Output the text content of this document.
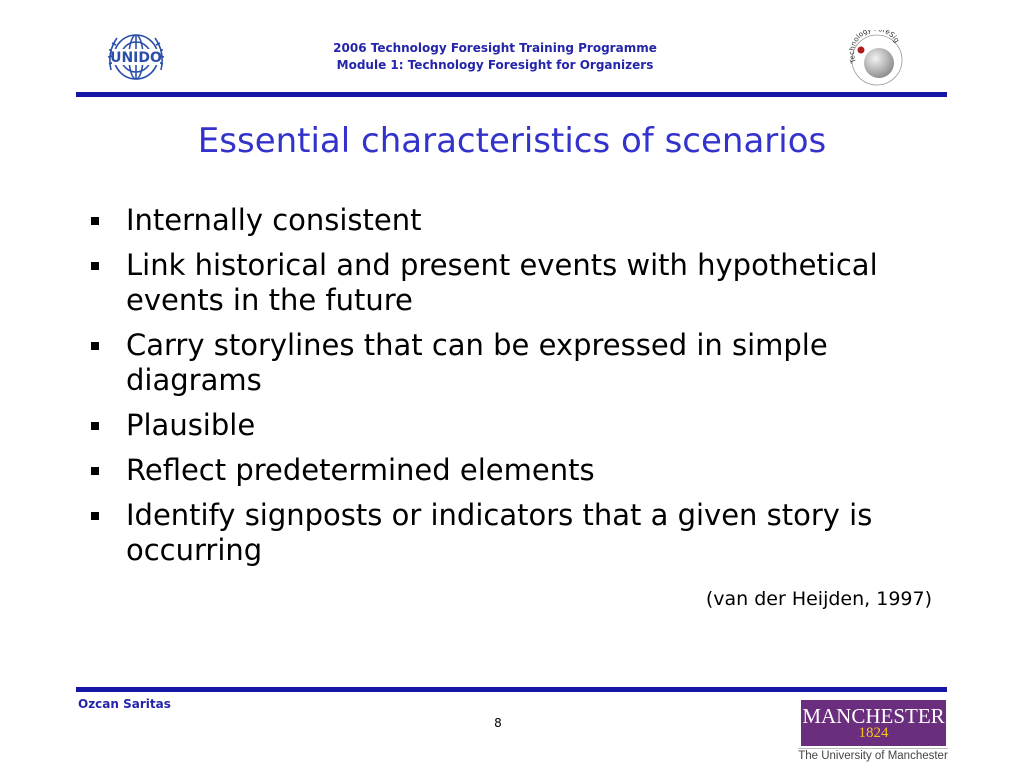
UNIDO
2006 Technology Foresight Training Programme
Module 1: Technology Foresight for Organizers	Technology reSig
Essential characteristics of scenarios
Internally consistent
Link historical and present events with hypothetical events in the future
Carry storylines that can be expressed in simple diagrams
Plausible
Reflect predetermined elements
Identify signposts or indicators that a given story is occurring
(van der Heijden, 1997)
Ozcan Saritas
8	MANCHESTER
1824
The University of Manchester
